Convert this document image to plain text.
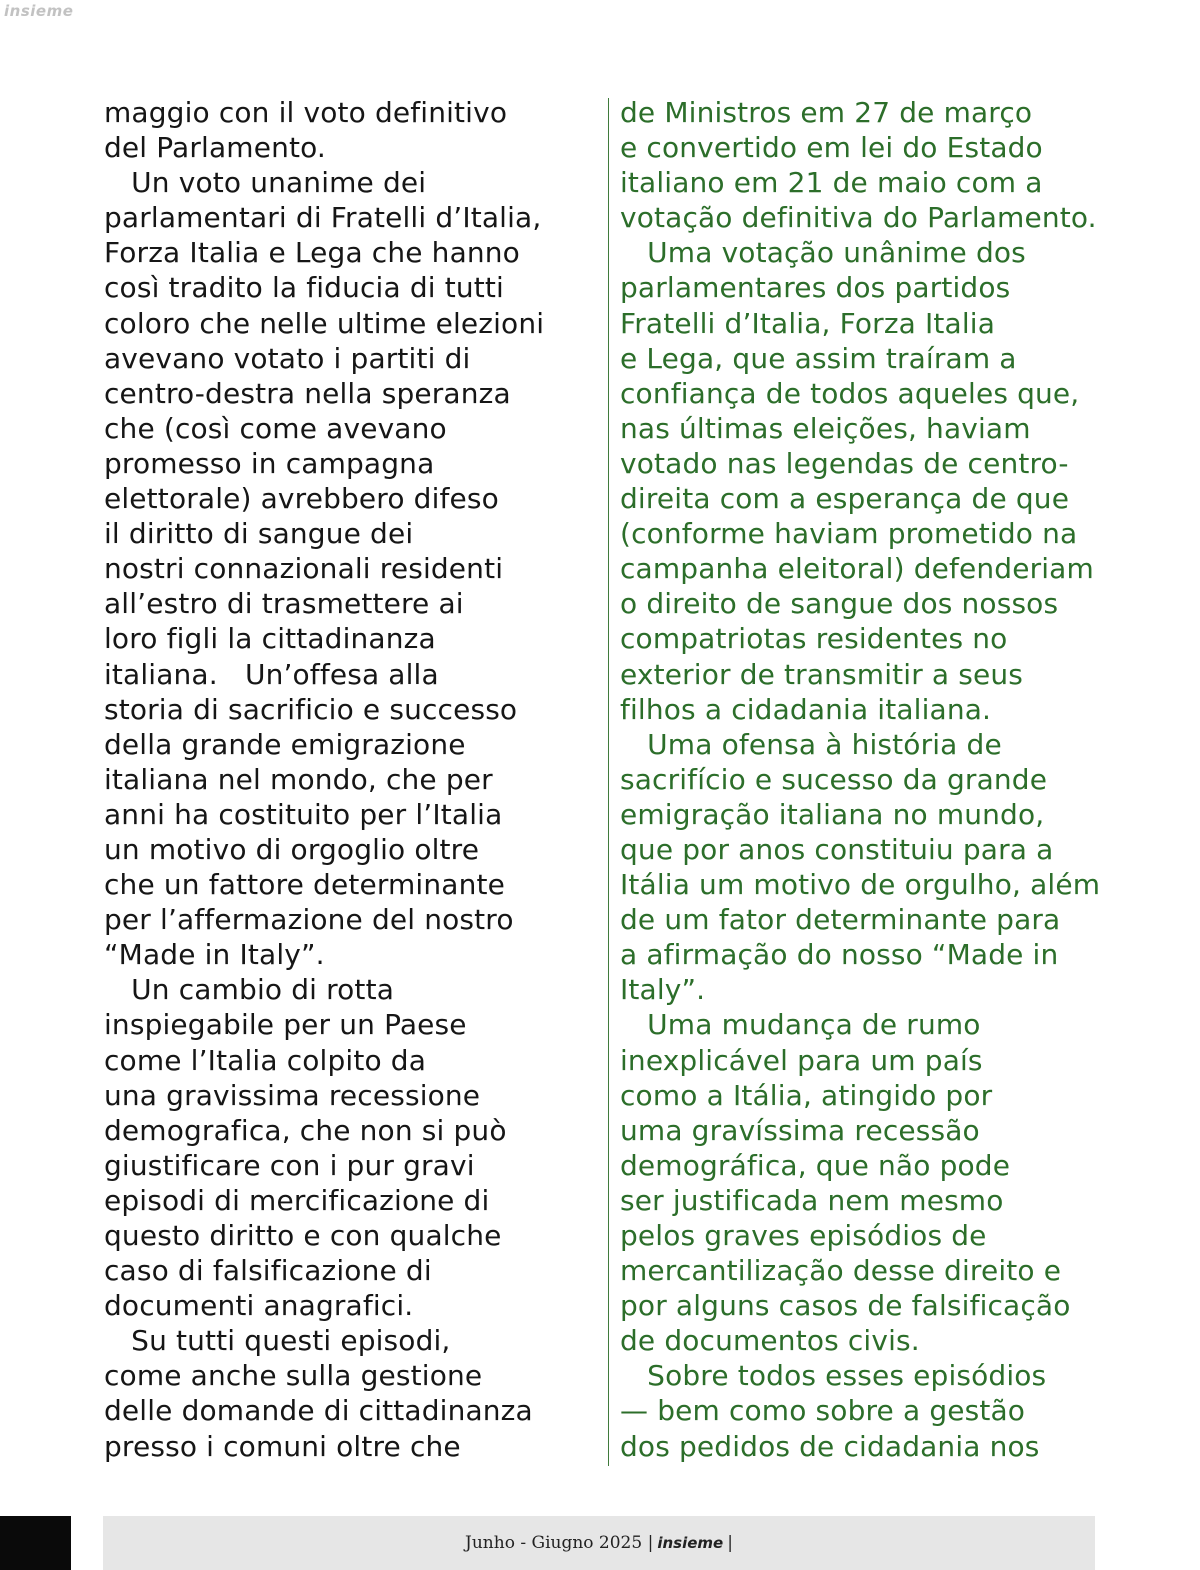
insieme

maggio con il voto definitivo

del Parlamento.

Un voto unanime dei

parlamentari di Fratelli d’Italia,

Forza Italia e Lega che hanno

così tradito la fiducia di tutti

coloro che nelle ultime elezioni

avevano votato i partiti di

centro-destra nella speranza

che (così come avevano

promesso in campagna

elettorale) avrebbero difeso

il diritto di sangue dei

nostri connazionali residenti

all’estro di trasmettere ai

loro figli la cittadinanza

italiana.   Un’offesa alla

storia di sacrificio e successo

della grande emigrazione

italiana nel mondo, che per

anni ha costituito per l’Italia

un motivo di orgoglio oltre

che un fattore determinante

per l’affermazione del nostro

“Made in Italy”.

Un cambio di rotta

inspiegabile per un Paese

come l’Italia colpito da

una gravissima recessione

demografica, che non si può

giustificare con i pur gravi

episodi di mercificazione di

questo diritto e con qualche

caso di falsificazione di

documenti anagrafici.

Su tutti questi episodi,

come anche sulla gestione

delle domande di cittadinanza

presso i comuni oltre che

de Ministros em 27 de março

e convertido em lei do Estado

italiano em 21 de maio com a

votação definitiva do Parlamento.

Uma votação unânime dos

parlamentares dos partidos

Fratelli d’Italia, Forza Italia

e Lega, que assim traíram a

confiança de todos aqueles que,

nas últimas eleições, haviam

votado nas legendas de centro-

direita com a esperança de que

(conforme haviam prometido na

campanha eleitoral) defenderiam

o direito de sangue dos nossos

compatriotas residentes no

exterior de transmitir a seus

filhos a cidadania italiana.

Uma ofensa à história de

sacrifício e sucesso da grande

emigração italiana no mundo,

que por anos constituiu para a

Itália um motivo de orgulho, além

de um fator determinante para

a afirmação do nosso “Made in

Italy”.

Uma mudança de rumo

inexplicável para um país

como a Itália, atingido por

uma gravíssima recessão

demográfica, que não pode

ser justificada nem mesmo

pelos graves episódios de

mercantilização desse direito e

por alguns casos de falsificação

de documentos civis.

Sobre todos esses episódios

— bem como sobre a gestão

dos pedidos de cidadania nos

Junho - Giugno 2025 | insieme |
